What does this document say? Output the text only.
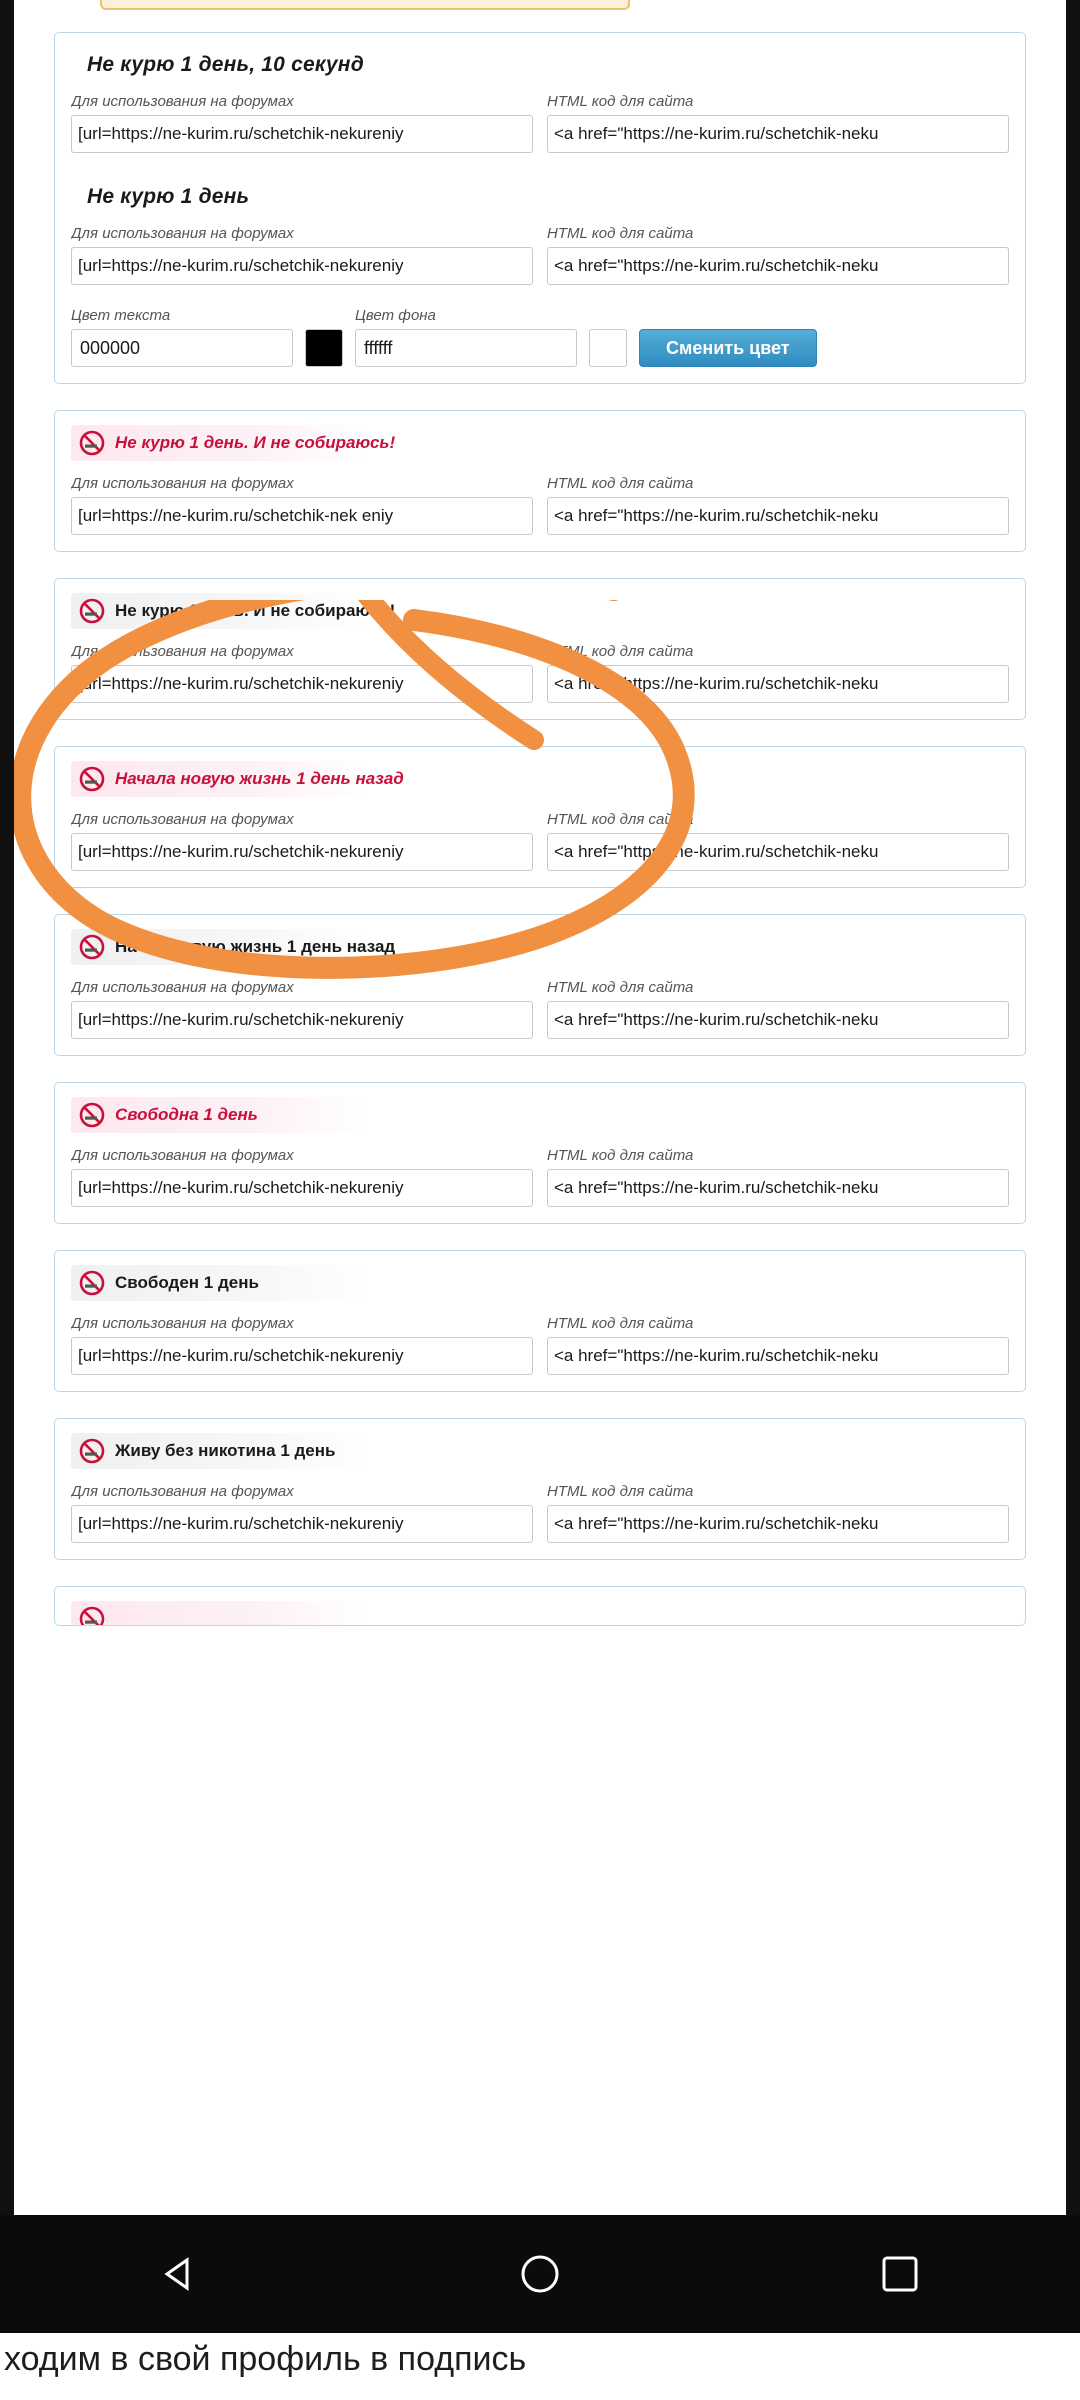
Не курю 1 день, 10 секунд
Для использования на форумах
[url=https://ne-kurim.ru/schetchik-nekureniy
HTML код для сайта
<a href="https://ne-kurim.ru/schetchik-neku
Не курю 1 день
Для использования на форумах
[url=https://ne-kurim.ru/schetchik-nekureniy
HTML код для сайта
<a href="https://ne-kurim.ru/schetchik-neku
Цвет текста
000000
Цвет фона
ffffff	Сменить цвет
Не курю 1 день. И не собираюсь!
Для использования на форумах
[url=https://ne-kurim.ru/schetchik-nek eniy
HTML код для сайта
<a href="https://ne-kurim.ru/schetchik-neku
Не курю 1 день. И не собираюсь!
Для использования на форумах
[url=https://ne-kurim.ru/schetchik-nekureniy
HTML код для сайта
<a href="https://ne-kurim.ru/schetchik-neku
Начала новую жизнь 1 день назад
Для использования на форумах
[url=https://ne-kurim.ru/schetchik-nekureniy
HTML код для сайта
<a href="https://ne-kurim.ru/schetchik-neku
Начал новую жизнь 1 день назад
Для использования на форумах
[url=https://ne-kurim.ru/schetchik-nekureniy
HTML код для сайта
<a href="https://ne-kurim.ru/schetchik-neku
Свободна 1 день
Для использования на форумах
[url=https://ne-kurim.ru/schetchik-nekureniy
HTML код для сайта
<a href="https://ne-kurim.ru/schetchik-neku
Свободен 1 день
Для использования на форумах
[url=https://ne-kurim.ru/schetchik-nekureniy
HTML код для сайта
<a href="https://ne-kurim.ru/schetchik-neku
Живу без никотина 1 день
Для использования на форумах
[url=https://ne-kurim.ru/schetchik-nekureniy
HTML код для сайта
<a href="https://ne-kurim.ru/schetchik-neku
ходим в свой профиль в подпись
